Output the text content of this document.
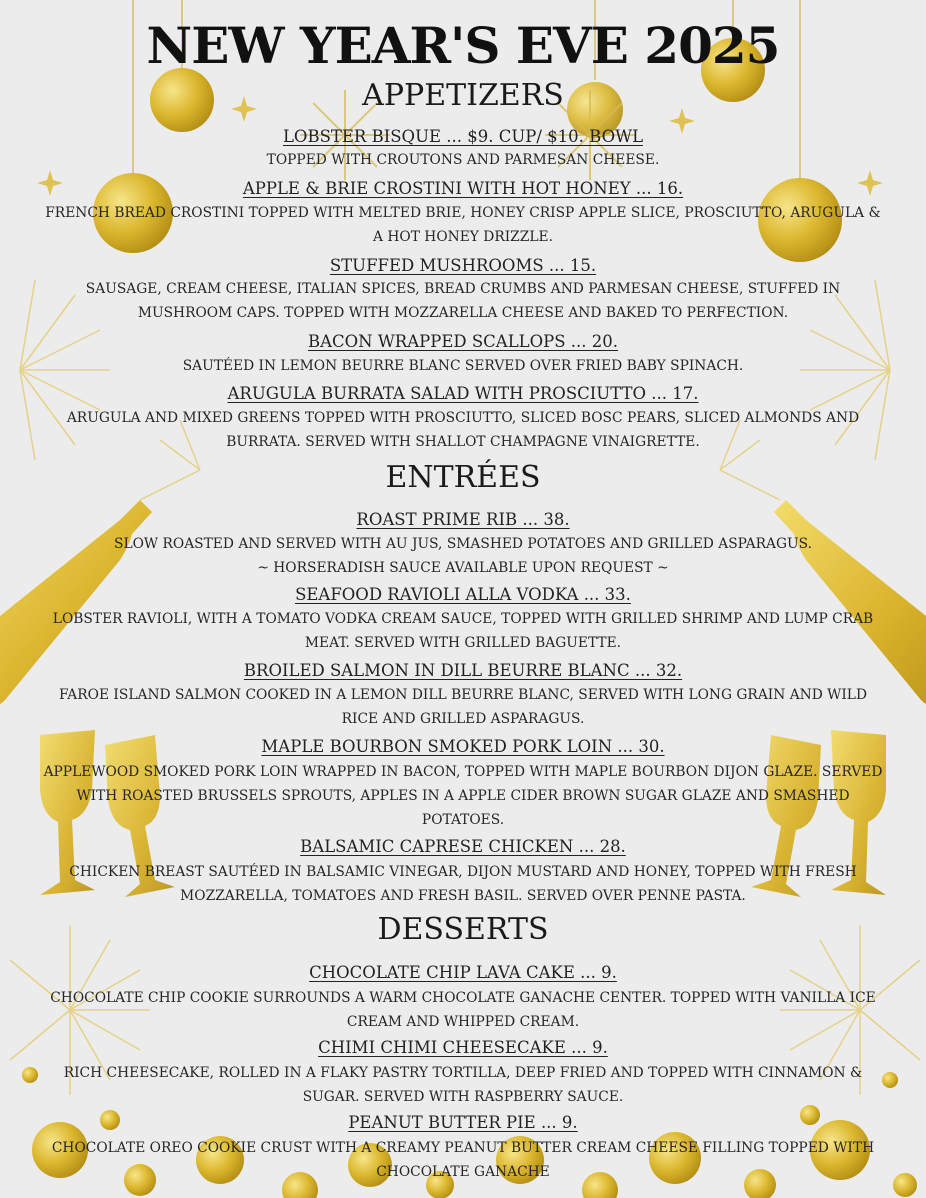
NEW YEAR'S EVE 2025
APPETIZERS
LOBSTER BISQUE ... $9. CUP/ $10. BOWL
TOPPED WITH CROUTONS AND PARMESAN CHEESE.
APPLE & BRIE CROSTINI WITH HOT HONEY ... 16.
FRENCH BREAD CROSTINI TOPPED WITH MELTED BRIE, HONEY CRISP APPLE SLICE, PROSCIUTTO, ARUGULA & A HOT HONEY DRIZZLE.
STUFFED MUSHROOMS ... 15.
SAUSAGE, CREAM CHEESE, ITALIAN SPICES, BREAD CRUMBS AND PARMESAN CHEESE, STUFFED IN MUSHROOM CAPS. TOPPED WITH MOZZARELLA CHEESE AND BAKED TO PERFECTION.
BACON WRAPPED SCALLOPS ... 20.
SAUTÉED IN LEMON BEURRE BLANC SERVED OVER FRIED BABY SPINACH.
ARUGULA BURRATA SALAD WITH PROSCIUTTO ... 17.
ARUGULA AND MIXED GREENS TOPPED WITH PROSCIUTTO, SLICED BOSC PEARS, SLICED ALMONDS AND BURRATA. SERVED WITH SHALLOT CHAMPAGNE VINAIGRETTE.
ENTRÉES
ROAST PRIME RIB ... 38.
SLOW ROASTED AND SERVED WITH AU JUS, SMASHED POTATOES AND GRILLED ASPARAGUS.
~ HORSERADISH SAUCE AVAILABLE UPON REQUEST ~
SEAFOOD RAVIOLI ALLA VODKA ... 33.
LOBSTER RAVIOLI, WITH A TOMATO VODKA CREAM SAUCE, TOPPED WITH GRILLED SHRIMP AND LUMP CRAB MEAT. SERVED WITH GRILLED BAGUETTE.
BROILED SALMON IN DILL BEURRE BLANC ... 32.
FAROE ISLAND SALMON COOKED IN A LEMON DILL BEURRE BLANC, SERVED WITH LONG GRAIN AND WILD RICE AND GRILLED ASPARAGUS.
MAPLE BOURBON SMOKED PORK LOIN ... 30.
APPLEWOOD SMOKED PORK LOIN WRAPPED IN BACON, TOPPED WITH MAPLE BOURBON DIJON GLAZE. SERVED WITH ROASTED BRUSSELS SPROUTS, APPLES IN A APPLE CIDER BROWN SUGAR GLAZE AND SMASHED POTATOES.
BALSAMIC CAPRESE CHICKEN ... 28.
CHICKEN BREAST SAUTÉED IN BALSAMIC VINEGAR, DIJON MUSTARD AND HONEY, TOPPED WITH FRESH MOZZARELLA, TOMATOES AND FRESH BASIL. SERVED OVER PENNE PASTA.
DESSERTS
CHOCOLATE CHIP LAVA CAKE ... 9.
CHOCOLATE CHIP COOKIE SURROUNDS A WARM CHOCOLATE GANACHE CENTER. TOPPED WITH VANILLA ICE CREAM AND WHIPPED CREAM.
CHIMI CHIMI CHEESECAKE ... 9.
RICH CHEESECAKE, ROLLED IN A FLAKY PASTRY TORTILLA, DEEP FRIED AND TOPPED WITH CINNAMON & SUGAR. SERVED WITH RASPBERRY SAUCE.
PEANUT BUTTER PIE ... 9.
CHOCOLATE OREO COOKIE CRUST WITH A CREAMY PEANUT BUTTER CREAM CHEESE FILLING TOPPED WITH CHOCOLATE GANACHE
